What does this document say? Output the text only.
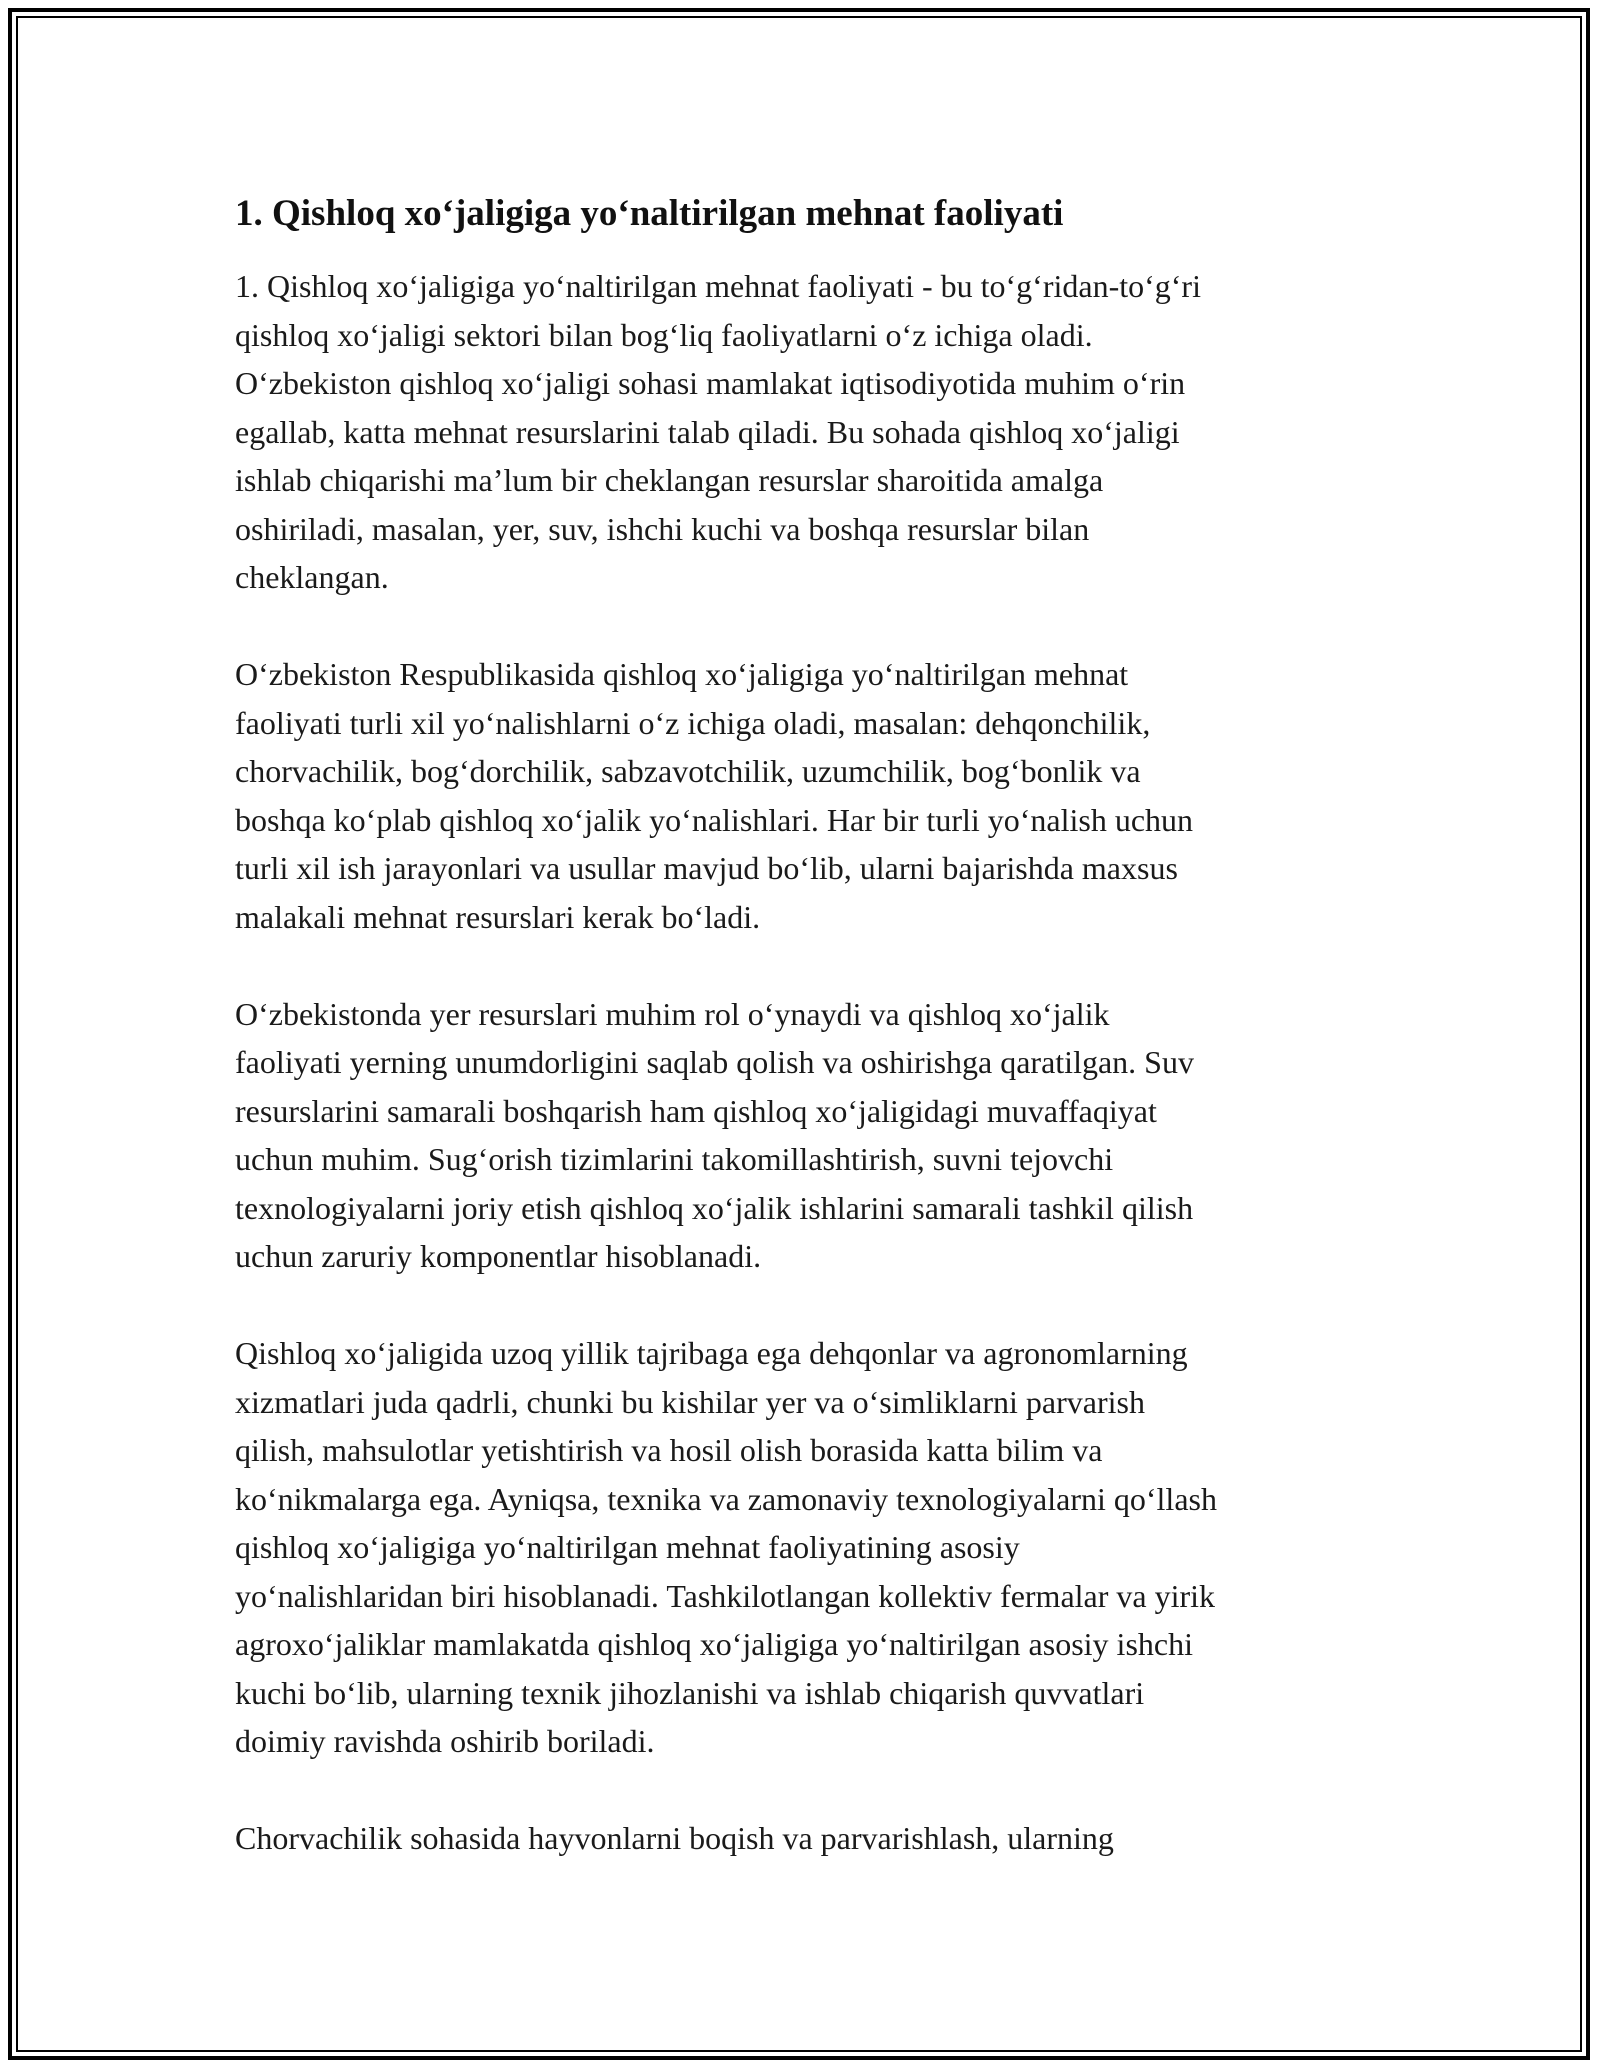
1. Qishloq xo‘jaligiga yo‘naltirilgan mehnat faoliyati

1. Qishloq xo‘jaligiga yo‘naltirilgan mehnat faoliyati - bu to‘g‘ridan-to‘g‘ri
qishloq xo‘jaligi sektori bilan bog‘liq faoliyatlarni o‘z ichiga oladi.
O‘zbekiston qishloq xo‘jaligi sohasi mamlakat iqtisodiyotida muhim o‘rin
egallab, katta mehnat resurslarini talab qiladi. Bu sohada qishloq xo‘jaligi
ishlab chiqarishi ma’lum bir cheklangan resurslar sharoitida amalga
oshiriladi, masalan, yer, suv, ishchi kuchi va boshqa resurslar bilan
cheklangan.

O‘zbekiston Respublikasida qishloq xo‘jaligiga yo‘naltirilgan mehnat
faoliyati turli xil yo‘nalishlarni o‘z ichiga oladi, masalan: dehqonchilik,
chorvachilik, bog‘dorchilik, sabzavotchilik, uzumchilik, bog‘bonlik va
boshqa ko‘plab qishloq xo‘jalik yo‘nalishlari. Har bir turli yo‘nalish uchun
turli xil ish jarayonlari va usullar mavjud bo‘lib, ularni bajarishda maxsus
malakali mehnat resurslari kerak bo‘ladi.

O‘zbekistonda yer resurslari muhim rol o‘ynaydi va qishloq xo‘jalik
faoliyati yerning unumdorligini saqlab qolish va oshirishga qaratilgan. Suv
resurslarini samarali boshqarish ham qishloq xo‘jaligidagi muvaffaqiyat
uchun muhim. Sug‘orish tizimlarini takomillashtirish, suvni tejovchi
texnologiyalarni joriy etish qishloq xo‘jalik ishlarini samarali tashkil qilish
uchun zaruriy komponentlar hisoblanadi.

Qishloq xo‘jaligida uzoq yillik tajribaga ega dehqonlar va agronomlarning
xizmatlari juda qadrli, chunki bu kishilar yer va o‘simliklarni parvarish
qilish, mahsulotlar yetishtirish va hosil olish borasida katta bilim va
ko‘nikmalarga ega. Ayniqsa, texnika va zamonaviy texnologiyalarni qo‘llash
qishloq xo‘jaligiga yo‘naltirilgan mehnat faoliyatining asosiy
yo‘nalishlaridan biri hisoblanadi. Tashkilotlangan kollektiv fermalar va yirik
agroxo‘jaliklar mamlakatda qishloq xo‘jaligiga yo‘naltirilgan asosiy ishchi
kuchi bo‘lib, ularning texnik jihozlanishi va ishlab chiqarish quvvatlari
doimiy ravishda oshirib boriladi.

Chorvachilik sohasida hayvonlarni boqish va parvarishlash, ularning
